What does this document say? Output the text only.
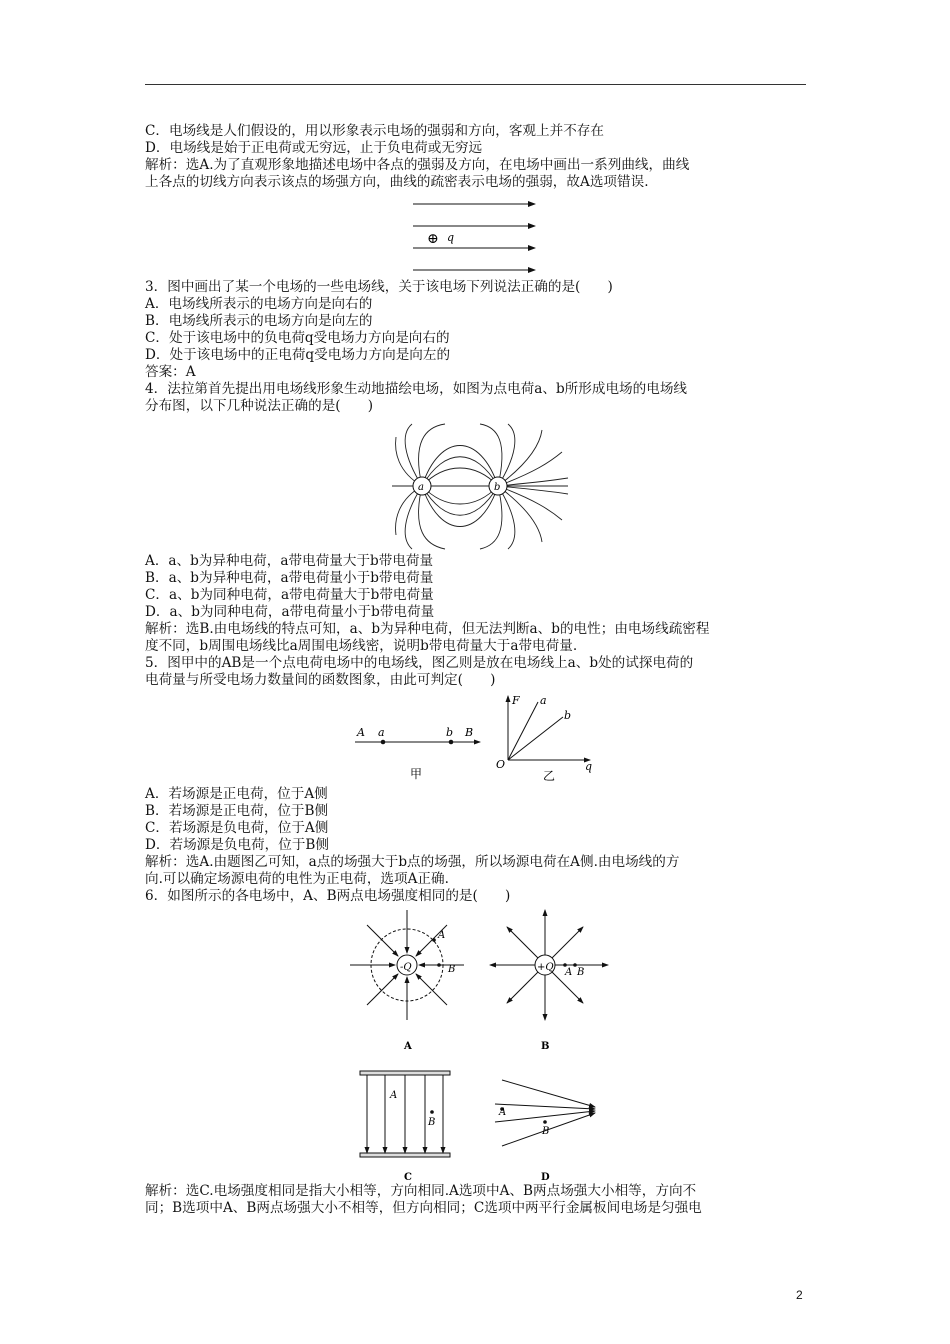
C．电场线是人们假设的，用以形象表示电场的强弱和方向，客观上并不存在
D．电场线是始于正电荷或无穷远，止于负电荷或无穷远
解析：选A.为了直观形象地描述电场中各点的强弱及方向，在电场中画出一系列曲线，曲线
上各点的切线方向表示该点的场强方向，曲线的疏密表示电场的强弱，故A选项错误.
⊕ q
3．图中画出了某一个电场的一些电场线，关于该电场下列说法正确的是(　　)
A．电场线所表示的电场方向是向右的
B．电场线所表示的电场方向是向左的
C．处于该电场中的负电荷q受电场力方向是向右的
D．处于该电场中的正电荷q受电场力方向是向左的
答案：A
4．法拉第首先提出用电场线形象生动地描绘电场，如图为点电荷a、b所形成电场的电场线
分布图，以下几种说法正确的是(　　)
a	b
A．a、b为异种电荷，a带电荷量大于b带电荷量
B．a、b为异种电荷，a带电荷量小于b带电荷量
C．a、b为同种电荷，a带电荷量大于b带电荷量
D．a、b为同种电荷，a带电荷量小于b带电荷量
解析：选B.由电场线的特点可知，a、b为异种电荷，但无法判断a、b的电性；由电场线疏密程
度不同，b周围电场线比a周围电场线密，说明b带电荷量大于a带电荷量.
5．图甲中的AB是一个点电荷电场中的电场线，图乙则是放在电场线上a、b处的试探电荷的
电荷量与所受电场力数量间的函数图象，由此可判定(　　)
A a	b B
甲
F
O	q
a
b
乙
A．若场源是正电荷，位于A侧
B．若场源是正电荷，位于B侧
C．若场源是负电荷，位于A侧
D．若场源是负电荷，位于B侧
解析：选A.由题图乙可知，a点的场强大于b点的场强，所以场源电荷在A侧.由电场线的方
向.可以确定场源电荷的电性为正电荷，选项A正确.
6．如图所示的各电场中，A、B两点电场强度相同的是(　　)
-Q
A
B
A
+Q A B
B
A
B
C
A
B
D
解析：选C.电场强度相同是指大小相等，方向相同.A选项中A、B两点场强大小相等，方向不
同；B选项中A、B两点场强大小不相等，但方向相同；C选项中两平行金属板间电场是匀强电
2
